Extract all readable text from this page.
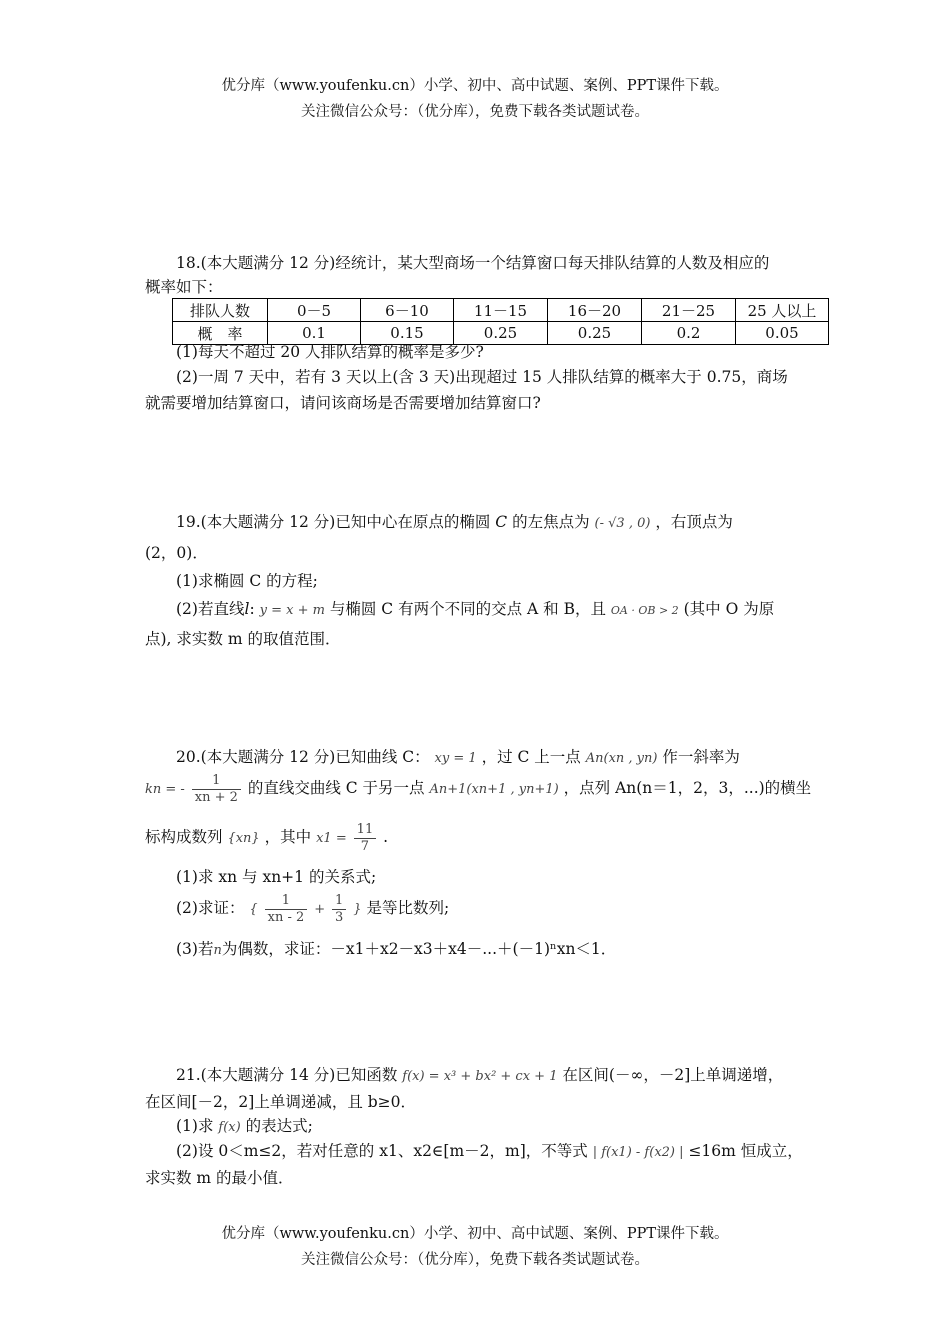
优分库（www.youfenku.cn）小学、初中、高中试题、案例、PPT课件下载。
关注微信公众号：（优分库），免费下载各类试题试卷。
18.(本大题满分 12 分)经统计，某大型商场一个结算窗口每天排队结算的人数及相应的
概率如下：
排队人数	0－5	6－10	11－15	16－20	21－25	25 人以上
概　率	0.1	0.15	0.25	0.25	0.2	0.05
(1)每天不超过 20 人排队结算的概率是多少?
(2)一周 7 天中，若有 3 天以上(含 3 天)出现超过 15 人排队结算的概率大于 0.75，商场
就需要增加结算窗口，请问该商场是否需要增加结算窗口?
19.(本大题满分 12 分)已知中心在原点的椭圆 C 的左焦点为 (- √3 , 0) ，右顶点为
(2，0)．
(1)求椭圆 C 的方程;
(2)若直线l: y = x + m 与椭圆 C 有两个不同的交点 A 和 B，且 OA · OB > 2 (其中 O 为原
点), 求实数 m 的取值范围．
20.(本大题满分 12 分)已知曲线 C： xy = 1 ，过 C 上一点 An(xn , yn) 作一斜率为
kn = - $\frac{1}{xn + 2}$ 的直线交曲线 C 于另一点 An+1(xn+1 , yn+1) ，点列 An(n＝1，2，3，...)的横坐
标构成数列 {xn} ，其中 $x1 = \frac{11}{7}$ .
(1)求 xn 与 xn+1 的关系式;
(2)求证： { $\frac{1}{xn - 2} + \frac{1}{3}$ } 是等比数列;
(3)若n为偶数，求证：－x1＋x2－x3＋x4－...＋(－1)ⁿxn＜1．
21.(本大题满分 14 分)已知函数 f(x) = x³ + bx² + cx + 1 在区间(－∞，－2]上单调递增，
在区间[－2，2]上单调递减，且 b≥0．
(1)求 f(x) 的表达式;
(2)设 0＜m≤2，若对任意的 x1、x2∈[m－2，m]，不等式 | f(x1) - f(x2) | ≤16m 恒成立，
求实数 m 的最小值．
优分库（www.youfenku.cn）小学、初中、高中试题、案例、PPT课件下载。
关注微信公众号：（优分库），免费下载各类试题试卷。
